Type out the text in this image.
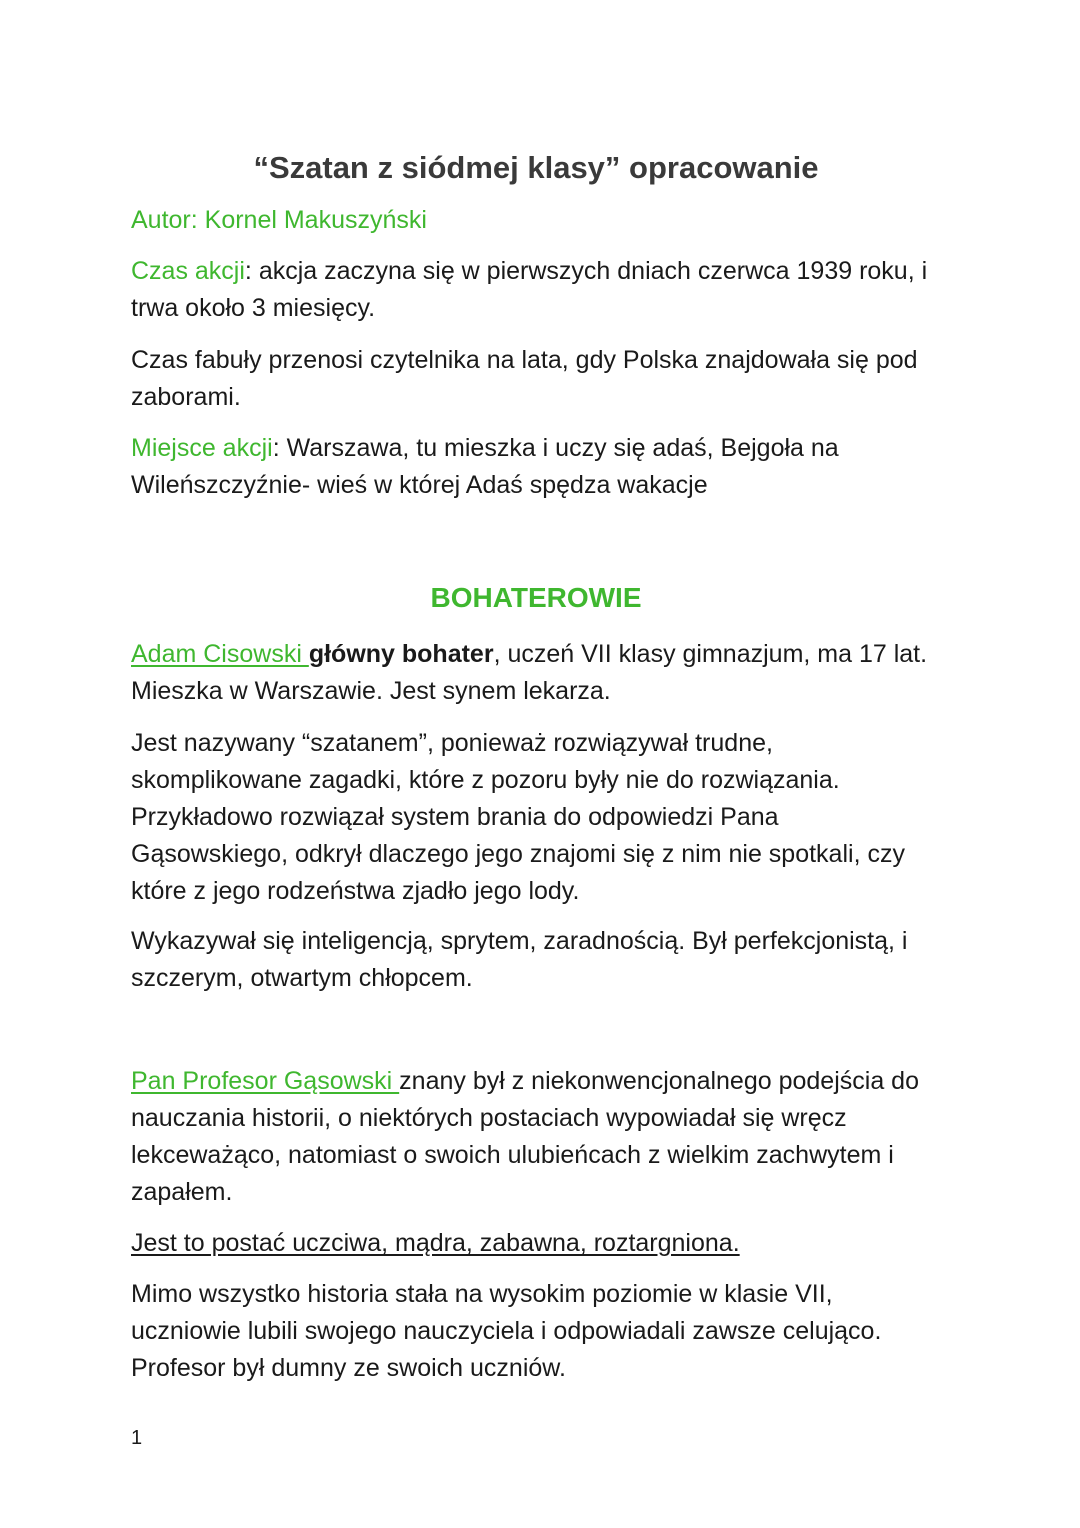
“Szatan z siódmej klasy” opracowanie

Autor: Kornel Makuszyński

Czas akcji: akcja zaczyna się w pierwszych dniach czerwca 1939 roku, i trwa około 3 miesięcy.

Czas fabuły przenosi czytelnika na lata, gdy Polska znajdowała się pod zaborami.

Miejsce akcji: Warszawa, tu mieszka i uczy się adaś, Bejgoła na Wileńszczyźnie- wieś w której Adaś spędza wakacje

BOHATEROWIE

Adam Cisowski główny bohater, uczeń VII klasy gimnazjum, ma 17 lat. Mieszka w Warszawie. Jest synem lekarza.

Jest nazywany “szatanem”, ponieważ rozwiązywał trudne, skomplikowane zagadki, które z pozoru były nie do rozwiązania. Przykładowo rozwiązał system brania do odpowiedzi Pana Gąsowskiego, odkrył dlaczego jego znajomi się z nim nie spotkali, czy które z jego rodzeństwa zjadło jego lody.

Wykazywał się inteligencją, sprytem, zaradnością. Był perfekcjonistą, i szczerym, otwartym chłopcem.

Pan Profesor Gąsowski znany był z niekonwencjonalnego podejścia do nauczania historii, o niektórych postaciach wypowiadał się wręcz lekceważąco, natomiast o swoich ulubieńcach z wielkim zachwytem i zapałem.

Jest to postać uczciwa, mądra, zabawna, roztargniona.

Mimo wszystko historia stała na wysokim poziomie w klasie VII, uczniowie lubili swojego nauczyciela i odpowiadali zawsze celująco. Profesor był dumny ze swoich uczniów.

1
